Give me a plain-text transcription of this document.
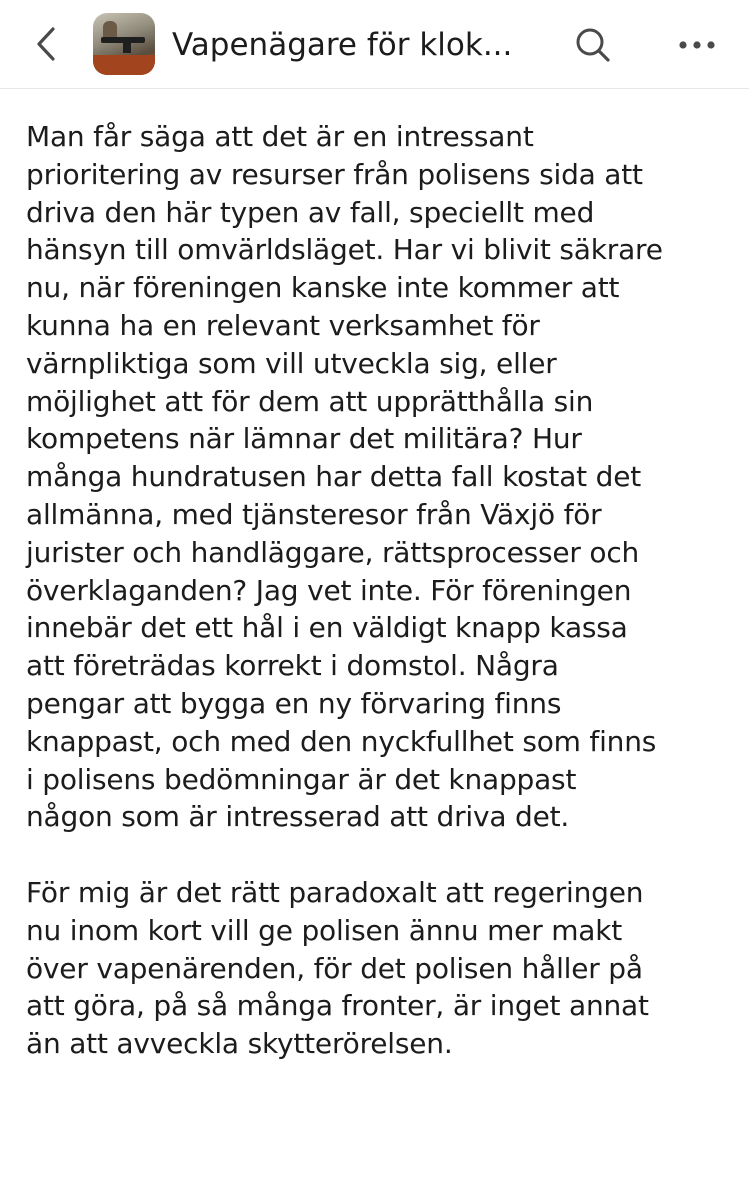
Vapenägare för klok...

Man får säga att det är en intressant
prioritering av resurser från polisens sida att
driva den här typen av fall, speciellt med
hänsyn till omvärldsläget. Har vi blivit säkrare
nu, när föreningen kanske inte kommer att
kunna ha en relevant verksamhet för
värnpliktiga som vill utveckla sig, eller
möjlighet att för dem att upprätthålla sin
kompetens när lämnar det militära? Hur
många hundratusen har detta fall kostat det
allmänna, med tjänsteresor från Växjö för
jurister och handläggare, rättsprocesser och
överklaganden? Jag vet inte. För föreningen
innebär det ett hål i en väldigt knapp kassa
att företrädas korrekt i domstol. Några
pengar att bygga en ny förvaring finns
knappast, och med den nyckfullhet som finns
i polisens bedömningar är det knappast
någon som är intresserad att driva det.

För mig är det rätt paradoxalt att regeringen
nu inom kort vill ge polisen ännu mer makt
över vapenärenden, för det polisen håller på
att göra, på så många fronter, är inget annat
än att avveckla skytterörelsen.
